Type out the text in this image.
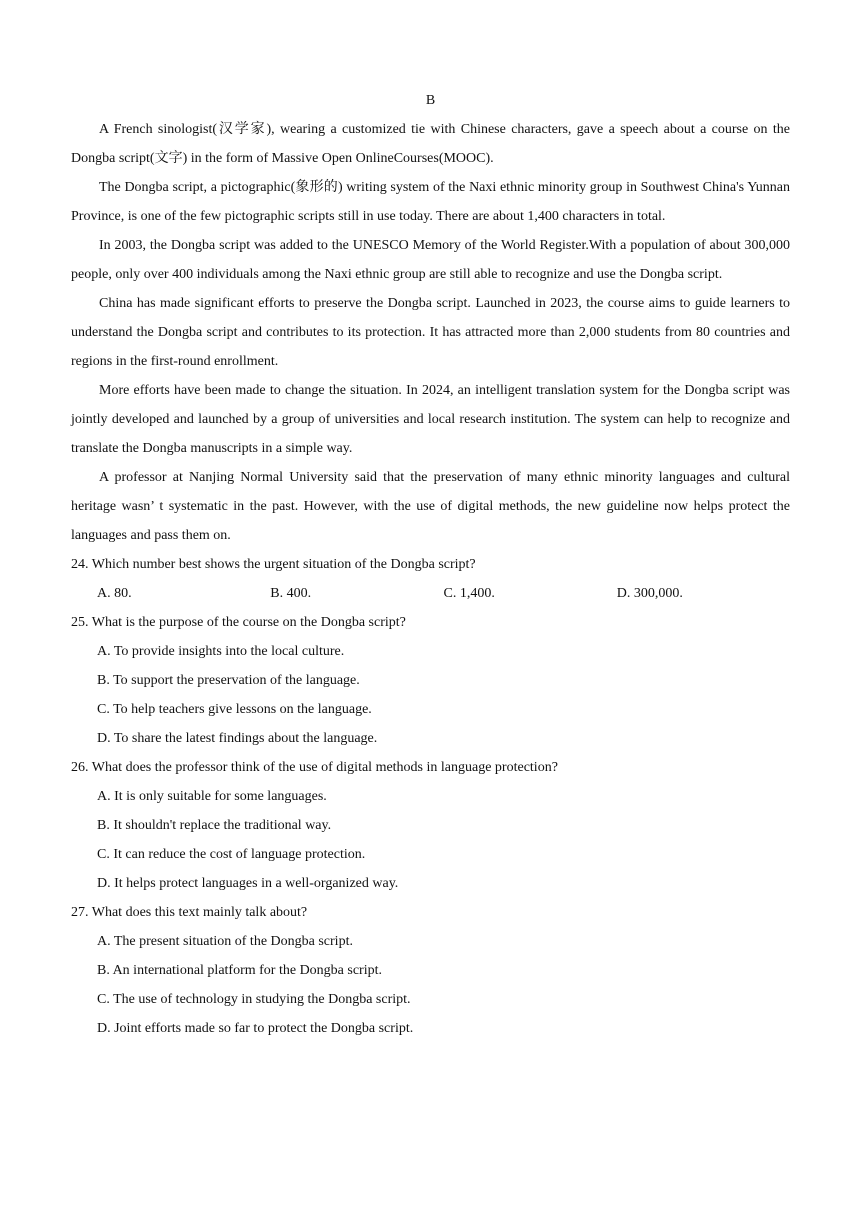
B

A French sinologist(汉学家), wearing a customized tie with Chinese characters, gave a speech about a course on the Dongba script(文字) in the form of Massive Open OnlineCourses(MOOC).

The Dongba script, a pictographic(象形的) writing system of the Naxi ethnic minority group in Southwest China's Yunnan Province, is one of the few pictographic scripts still in use today. There are about 1,400 characters in total.

In 2003, the Dongba script was added to the UNESCO Memory of the World Register.With a population of about 300,000 people, only over 400 individuals among the Naxi ethnic group are still able to recognize and use the Dongba script.

China has made significant efforts to preserve the Dongba script. Launched in 2023, the course aims to guide learners to understand the Dongba script and contributes to its protection. It has attracted more than 2,000 students from 80 countries and regions in the first-round enrollment.

More efforts have been made to change the situation. In 2024, an intelligent translation system for the Dongba script was jointly developed and launched by a group of universities and local research institution. The system can help to recognize and translate the Dongba manuscripts in a simple way.

A professor at Nanjing Normal University said that the preservation of many ethnic minority languages and cultural heritage wasn’ t systematic in the past. However, with the use of digital methods, the new guideline now helps protect the languages and pass them on.

24. Which number best shows the urgent situation of the Dongba script?

A. 80.	B. 400.	C. 1,400.	D. 300,000.

25. What is the purpose of the course on the Dongba script?

A. To provide insights into the local culture.

B. To support the preservation of the language.

C. To help teachers give lessons on the language.

D. To share the latest findings about the language.

26. What does the professor think of the use of digital methods in language protection?

A. It is only suitable for some languages.

B. It shouldn't replace the traditional way.

C. It can reduce the cost of language protection.

D. It helps protect languages in a well-organized way.

27. What does this text mainly talk about?

A. The present situation of the Dongba script.

B. An international platform for the Dongba script.

C. The use of technology in studying the Dongba script.

D. Joint efforts made so far to protect the Dongba script.
